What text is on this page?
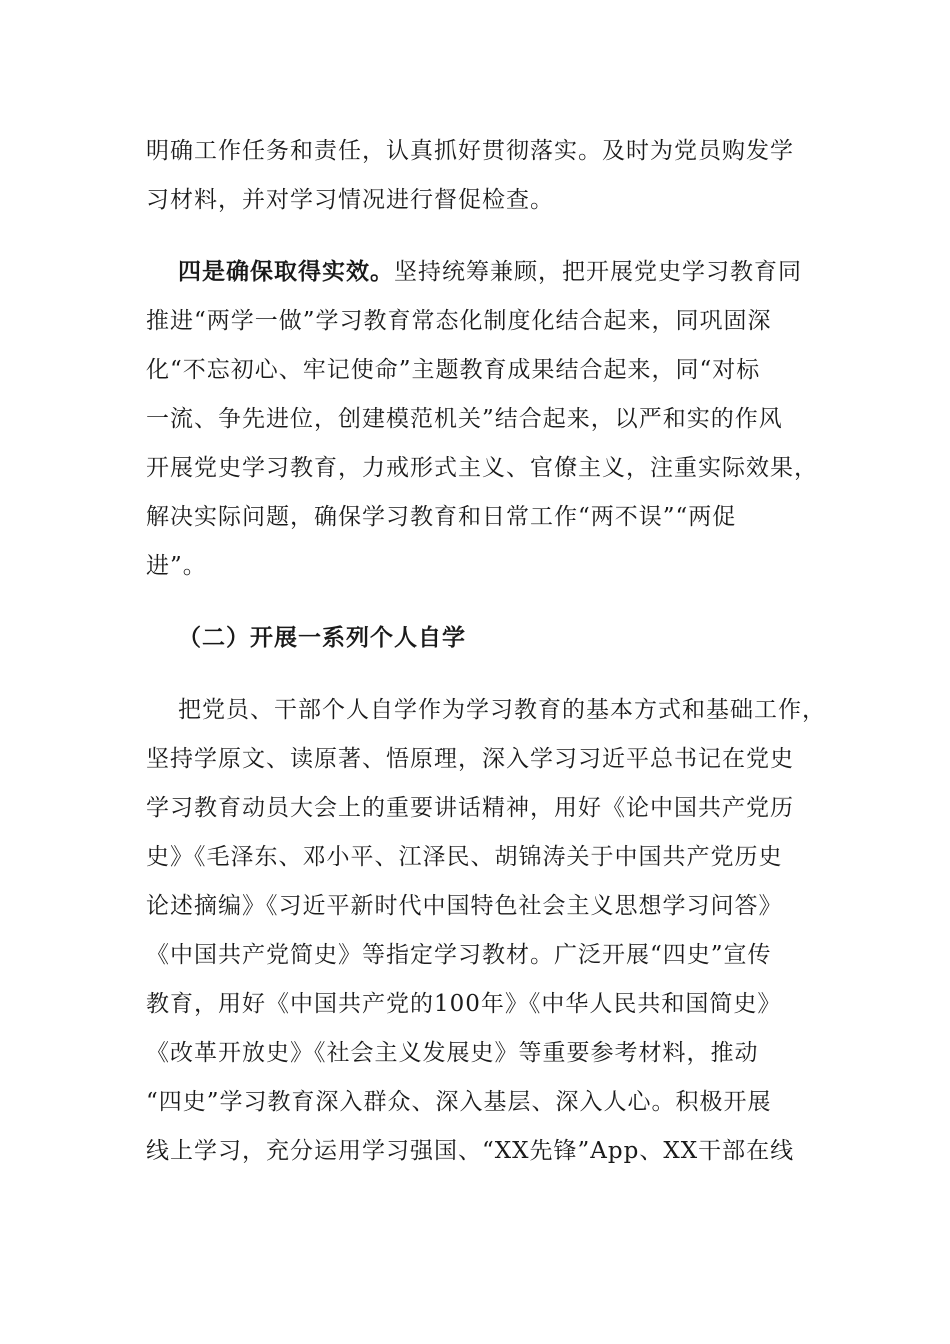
明确工作任务和责任，认真抓好贯彻落实。及时为党员购发学
习材料，并对学习情况进行督促检查。
四是确保取得实效。坚持统筹兼顾，把开展党史学习教育同
推进“两学一做”学习教育常态化制度化结合起来，同巩固深
化“不忘初心、牢记使命”主题教育成果结合起来，同“对标
一流、争先进位，创建模范机关”结合起来，以严和实的作风
开展党史学习教育，力戒形式主义、官僚主义，注重实际效果，
解决实际问题，确保学习教育和日常工作“两不误”“两促
进”。
（二）开展一系列个人自学
把党员、干部个人自学作为学习教育的基本方式和基础工作，
坚持学原文、读原著、悟原理，深入学习习近平总书记在党史
学习教育动员大会上的重要讲话精神，用好《论中国共产党历
史》《毛泽东、邓小平、江泽民、胡锦涛关于中国共产党历史
论述摘编》《习近平新时代中国特色社会主义思想学习问答》
《中国共产党简史》等指定学习教材。广泛开展“四史”宣传
教育，用好《中国共产党的100年》《中华人民共和国简史》
《改革开放史》《社会主义发展史》等重要参考材料，推动
“四史”学习教育深入群众、深入基层、深入人心。积极开展
线上学习，充分运用学习强国、“XX先锋”App、XX干部在线
